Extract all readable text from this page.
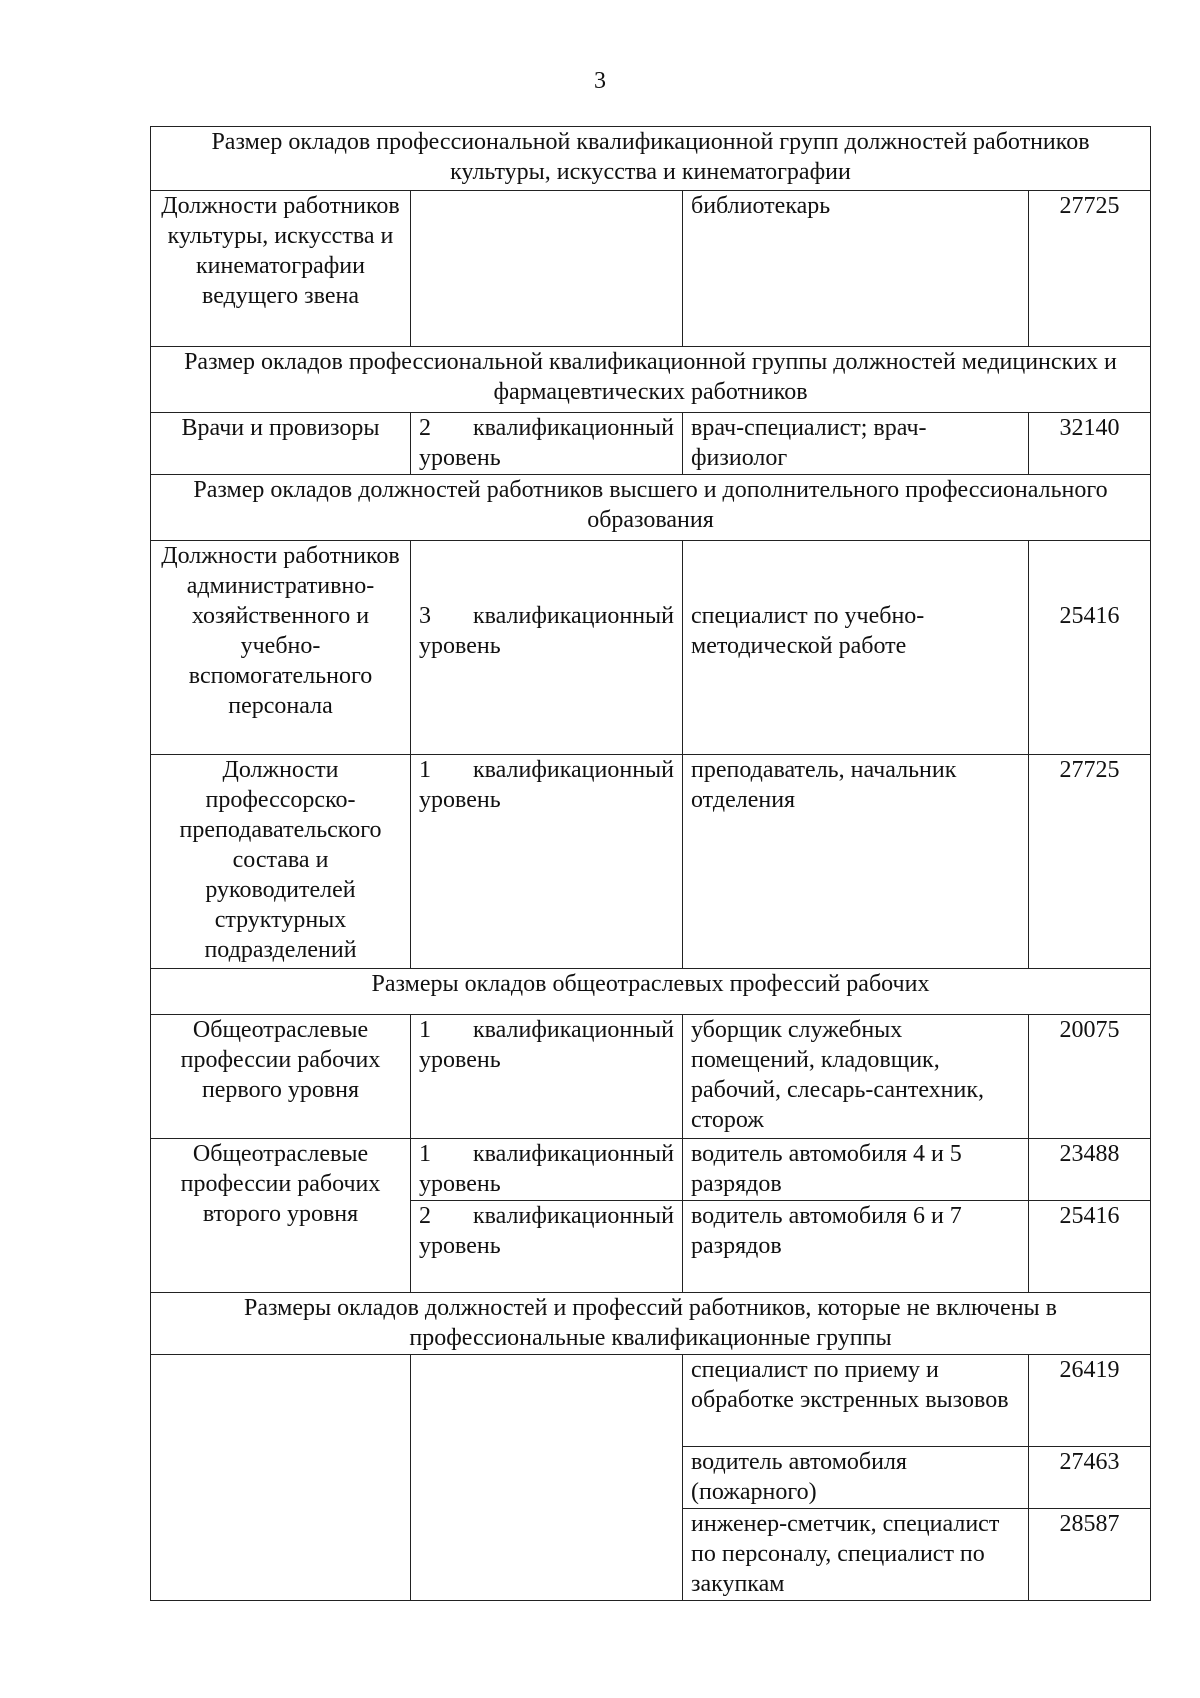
3
Размер окладов профессиональной квалификационной групп должностей работников культуры, искусства и кинематографии			
Должности работников культуры, искусства и кинематографии ведущего звена		библиотекарь	27725
Размер окладов профессиональной квалификационной группы должностей медицинских и фармацевтических работников			
Врачи и провизоры	2 квалификационный уровень	врач-специалист; врач-физиолог	32140
Размер окладов должностей работников высшего и дополнительного профессионального образования			
Должности работников административно-хозяйственного и учебно-вспомогательного персонала	3 квалификационный уровень	специалист по учебно-методической работе	25416
Должности профессорско-преподавательского состава и руководителей структурных подразделений	1 квалификационный уровень	преподаватель, начальник отделения	27725
Размеры окладов общеотраслевых профессий рабочих			
Общеотраслевые профессии рабочих первого уровня	1 квалификационный уровень	уборщик служебных помещений, кладовщик, рабочий, слесарь-сантехник, сторож	20075
Общеотраслевые профессии рабочих второго уровня	1 квалификационный уровень	водитель автомобиля 4 и 5 разрядов	23488

	2 квалификационный уровень	водитель автомобиля 6 и 7 разрядов	25416
Размеры окладов должностей и профессий работников, которые не включены в профессиональные квалификационные группы			
		специалист по приему и обработке экстренных вызовов	26419
		водитель автомобиля (пожарного)	27463
		инженер-сметчик, специалист по персоналу, специалист по закупкам	28587
